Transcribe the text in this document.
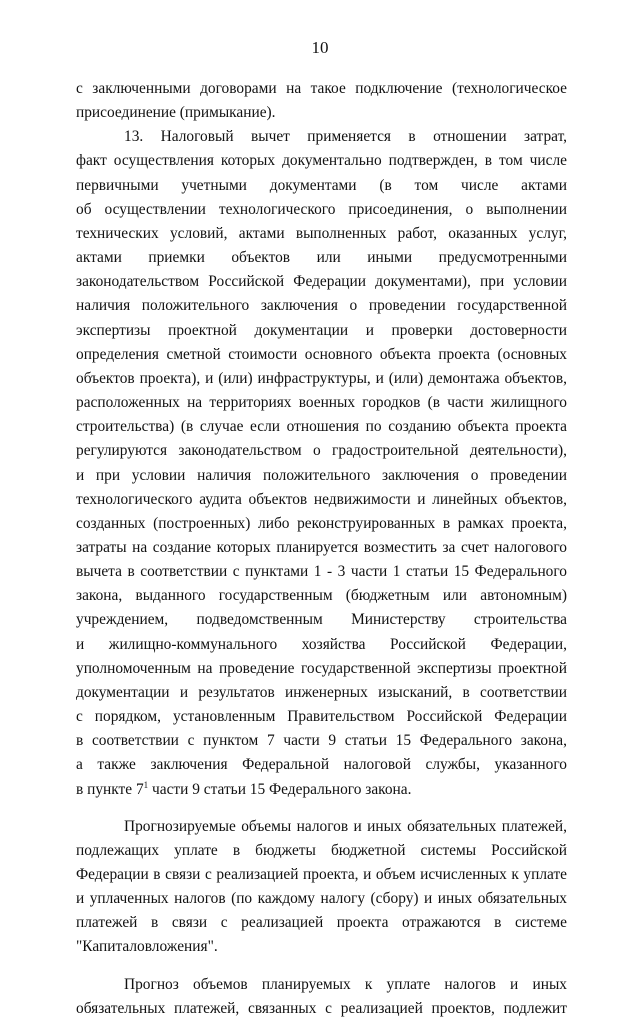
10

с заключенными договорами на такое подключение (технологическое
присоединение (примыкание).

13. Налоговый вычет применяется в отношении затрат,
факт осуществления которых документально подтвержден, в том числе
первичными учетными документами (в том числе актами
об осуществлении технологического присоединения, о выполнении
технических условий, актами выполненных работ, оказанных услуг,
актами приемки объектов или иными предусмотренными
законодательством Российской Федерации документами), при условии
наличия положительного заключения о проведении государственной
экспертизы проектной документации и проверки достоверности
определения сметной стоимости основного объекта проекта (основных
объектов проекта), и (или) инфраструктуры, и (или) демонтажа объектов,
расположенных на территориях военных городков (в части жилищного
строительства) (в случае если отношения по созданию объекта проекта
регулируются законодательством о градостроительной деятельности),
и при условии наличия положительного заключения о проведении
технологического аудита объектов недвижимости и линейных объектов,
созданных (построенных) либо реконструированных в рамках проекта,
затраты на создание которых планируется возместить за счет налогового
вычета в соответствии с пунктами 1 - 3 части 1 статьи 15 Федерального
закона, выданного государственным (бюджетным или автономным)
учреждением, подведомственным Министерству строительства
и жилищно-коммунального хозяйства Российской Федерации,
уполномоченным на проведение государственной экспертизы проектной
документации и результатов инженерных изысканий, в соответствии
с порядком, установленным Правительством Российской Федерации
в соответствии с пунктом 7 части 9 статьи 15 Федерального закона,
а также заключения Федеральной налоговой службы, указанного
в пункте $7^1$ части 9 статьи 15 Федерального закона.

Прогнозируемые объемы налогов и иных обязательных платежей,
подлежащих уплате в бюджеты бюджетной системы Российской
Федерации в связи с реализацией проекта, и объем исчисленных к уплате
и уплаченных налогов (по каждому налогу (сбору) и иных обязательных
платежей в связи с реализацией проекта отражаются в системе
"Капиталовложения".

Прогноз объемов планируемых к уплате налогов и иных
обязательных платежей, связанных с реализацией проектов, подлежит
